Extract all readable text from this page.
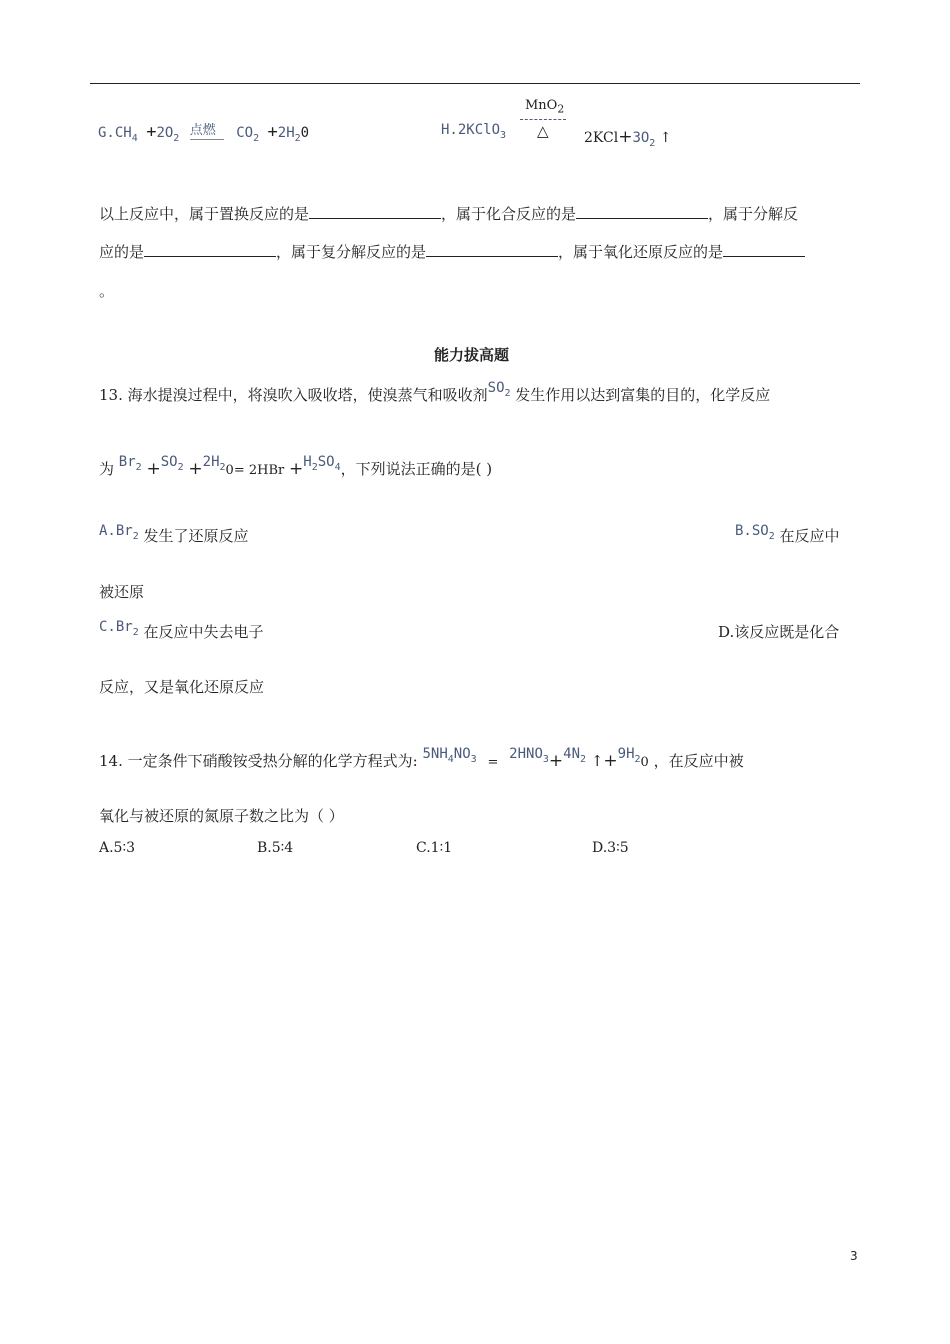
$G.CH_4 +2O_2$
点燃 $CO_2 +2H_20$	H.2KClO$_3$
MnO$_2$
△	$2KCl+3O_2$ ↑
以上反应中，属于置换反应的是	，属于化合反应的是	，属于分解反
应的是	，属于复分解反应的是	，属于氧化还原反应的是
。
能力拔高题
13. 海水提溴过程中，将溴吹入吸收塔，使溴蒸气和吸收剂$SO_2$ 发生作用以达到富集的目的，化学反应
为 $Br_2 +SO_2 +2H_20= 2HBr +H_2SO_4$，下列说法正确的是( )
$A.Br_2$ 发生了还原反应	$B.SO_2$ 在反应中
被还原
$C.Br_2$ 在反应中失去电子	D.该反应既是化合
反应，又是氧化还原反应
14. 一定条件下硝酸铵受热分解的化学方程式为: $5NH_4NO_3 = 2HNO_3+4N_2$ $↑+9H_20$ ，在反应中被
氧化与被还原的氮原子数之比为（ ）
A.5∶3	B.5∶4	C.1∶1	D.3∶5
3
